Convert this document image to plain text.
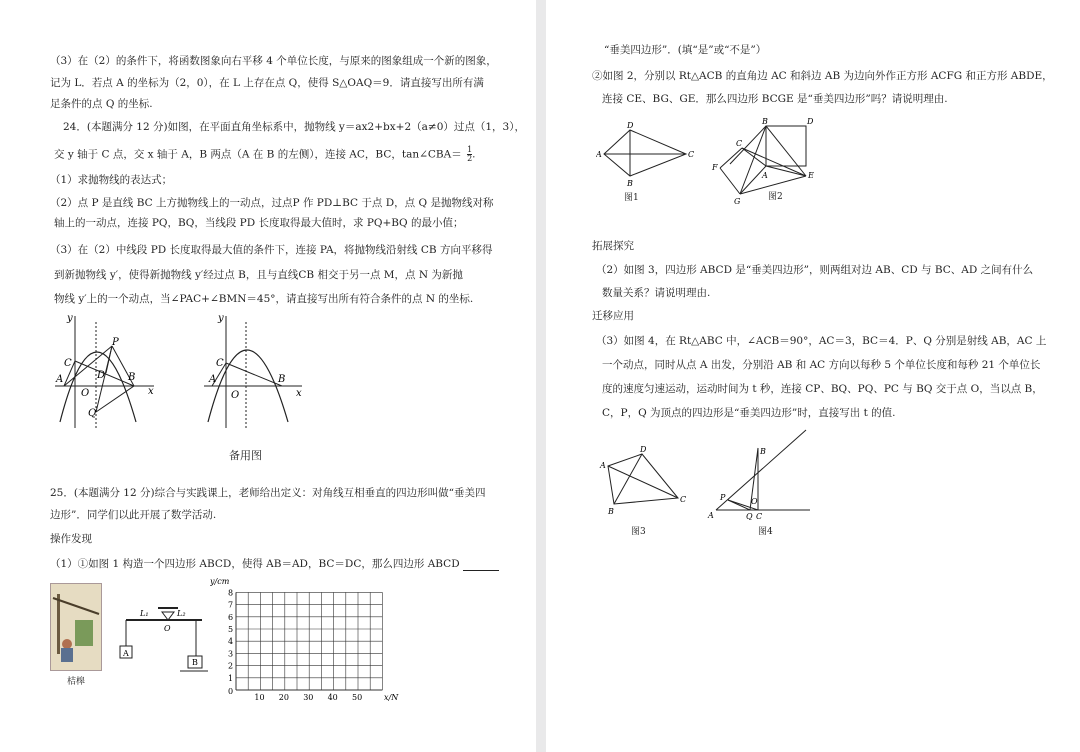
（3）在（2）的条件下，将函数图象向右平移 4 个单位长度，与原来的图象组成一个新的图象，
记为 L．若点 A 的坐标为（2，0），在 L 上存在点 Q，使得 S△OAQ＝9．请直接写出所有满
足条件的点 Q 的坐标.
24．(本题满分 12 分)如图，在平面直角坐标系中，抛物线 y＝ax2+bx+2（a≠0）过点（1，3），
交 y 轴于 C 点，交 x 轴于 A，B 两点（A 在 B 的左侧），连接 AC，BC，tan∠CBA＝ $\frac{1}{2}$ .
（1）求抛物线的表达式；
（2）点 P 是直线 BC 上方抛物线上的一动点，过点P 作 PD⊥BC 于点 D，点 Q 是抛物线对称
轴上的一动点，连接 PQ，BQ，当线段 PD 长度取得最大值时，求 PQ+BQ 的最小值；
（3）在（2）中线段 PD 长度取得最大值的条件下，连接 PA，将抛物线沿射线 CB 方向平移得
到新抛物线 y′，使得新抛物线 y′经过点 B，且与直线CB 相交于另一点 M，点 N 为新抛
物线 y′上的一个动点，当∠PAC+∠BMN＝45°，请直接写出所有符合条件的点 N 的坐标.
y
x
P
C
D
A
O
B
Q
y
x
C
A
O
B
备用图
25．(本题满分 12 分)综合与实践课上，老师给出定义：对角线互相垂直的四边形叫做“垂美四
边形”．同学们以此开展了数学活动.
操作发现
（1）①如图 1 构造一个四边形 ABCD，使得 AB＝AD，BC＝DC，那么四边形 ABCD
桔槔
L₁	L₂
O
A
B
1
2
3
4
5
6
7
8
10 20 30 40 50
y/cm
x/N
0
“垂美四边形”．(填“是”或“不是”）
②如图 2，分别以 Rt△ACB 的直角边 AC 和斜边 AB 为边向外作正方形 ACFG 和正方形 ABDE，
连接 CE、BG、GE．那么四边形 BCGE 是“垂美四边形”吗？请说明理由.
A
D
C
B
图1
B	D
C
F
A	E
G	图2
拓展探究
（2）如图 3，四边形 ABCD 是“垂美四边形”，则两组对边 AB、CD 与 BC、AD 之间有什么
数量关系？请说明理由.
迁移应用
（3）如图 4，在 Rt△ABC 中，∠ACB＝90°，AC＝3，BC＝4．P、Q 分别是射线 AB，AC 上
一个动点，同时从点 A 出发，分别沿 AB 和 AC 方向以每秒 5 个单位长度和每秒 21 个单位长
度的速度匀速运动，运动时间为 t 秒，连接 CP、BQ、PQ、PC 与 BQ 交于点 O，当以点 B，
C，P，Q 为顶点的四边形是“垂美四边形”时，直接写出 t 的值.
A
D
C
B
图3
A
B
C
P
Q
O
图4
